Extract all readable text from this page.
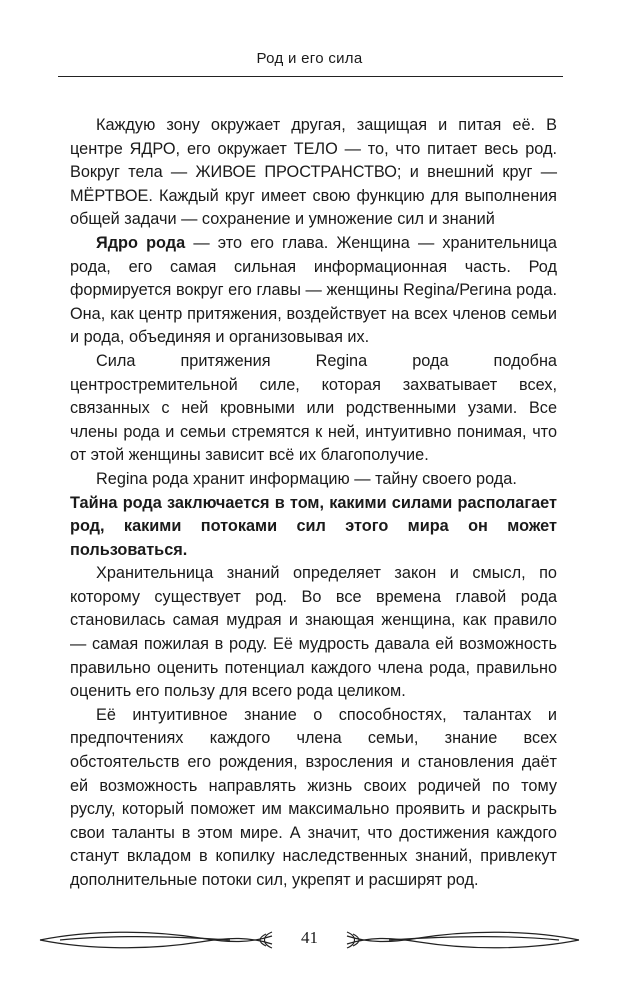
Род и его сила

Каждую зону окружает другая, защищая и питая её. В центре ЯДРО, его окружает ТЕЛО — то, что питает весь род. Вокруг тела — ЖИВОЕ ПРОСТРАНСТВО; и внешний круг — МЁРТВОЕ. Каждый круг имеет свою функцию для выполнения общей задачи — сохранение и умножение сил и знаний

Ядро рода — это его глава. Женщина — хранительница рода, его самая сильная информационная часть. Род формируется вокруг его главы — женщины Regina/Регина рода. Она, как центр притяжения, воздействует на всех членов семьи и рода, объединяя и организовывая их.

Сила притяжения Regina рода подобна центростремительной силе, которая захватывает всех, связанных с ней кровными или родственными узами. Все члены рода и семьи стремятся к ней, интуитивно понимая, что от этой женщины зависит всё их благополучие.

Regina рода хранит информацию — тайну своего рода.

Тайна рода заключается в том, какими силами располагает род, какими потоками сил этого мира он может пользоваться.

Хранительница знаний определяет закон и смысл, по которому существует род. Во все времена главой рода становилась самая мудрая и знающая женщина, как правило — самая пожилая в роду. Её мудрость давала ей возможность правильно оценить потенциал каждого члена рода, правильно оценить его пользу для всего рода целиком.

Её интуитивное знание о способностях, талантах и предпочтениях каждого члена семьи, знание всех обстоятельств его рождения, взросления и становления даёт ей возможность направлять жизнь своих родичей по тому руслу, который поможет им максимально проявить и раскрыть свои таланты в этом мире. А значит, что достижения каждого станут вкладом в копилку наследственных знаний, привлекут дополнительные потоки сил, укрепят и расширят род.

41
